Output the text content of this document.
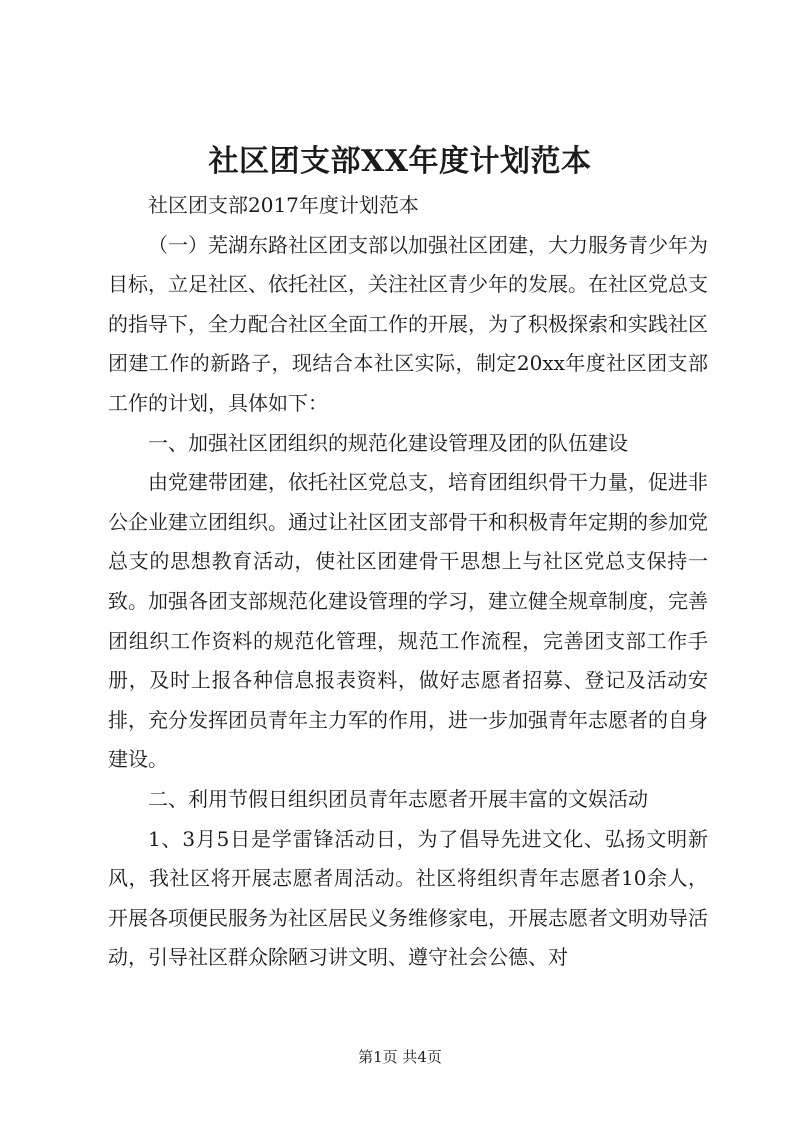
社区团支部XX年度计划范本
社区团支部2017年度计划范本

（一）芜湖东路社区团支部以加强社区团建，大力服务青少年为目标，立足社区、依托社区，关注社区青少年的发展。在社区党总支的指导下，全力配合社区全面工作的开展，为了积极探索和实践社区团建工作的新路子，现结合本社区实际，制定20xx年度社区团支部工作的计划，具体如下：

一、加强社区团组织的规范化建设管理及团的队伍建设

由党建带团建，依托社区党总支，培育团组织骨干力量，促进非公企业建立团组织。通过让社区团支部骨干和积极青年定期的参加党总支的思想教育活动，使社区团建骨干思想上与社区党总支保持一致。加强各团支部规范化建设管理的学习，建立健全规章制度，完善团组织工作资料的规范化管理，规范工作流程，完善团支部工作手册，及时上报各种信息报表资料，做好志愿者招募、登记及活动安排，充分发挥团员青年主力军的作用，进一步加强青年志愿者的自身建设。

二、利用节假日组织团员青年志愿者开展丰富的文娱活动

1、3月5日是学雷锋活动日，为了倡导先进文化、弘扬文明新风，我社区将开展志愿者周活动。社区将组织青年志愿者10余人，开展各项便民服务为社区居民义务维修家电，开展志愿者文明劝导活动，引导社区群众除陋习讲文明、遵守社会公德、对

第1页 共4页
